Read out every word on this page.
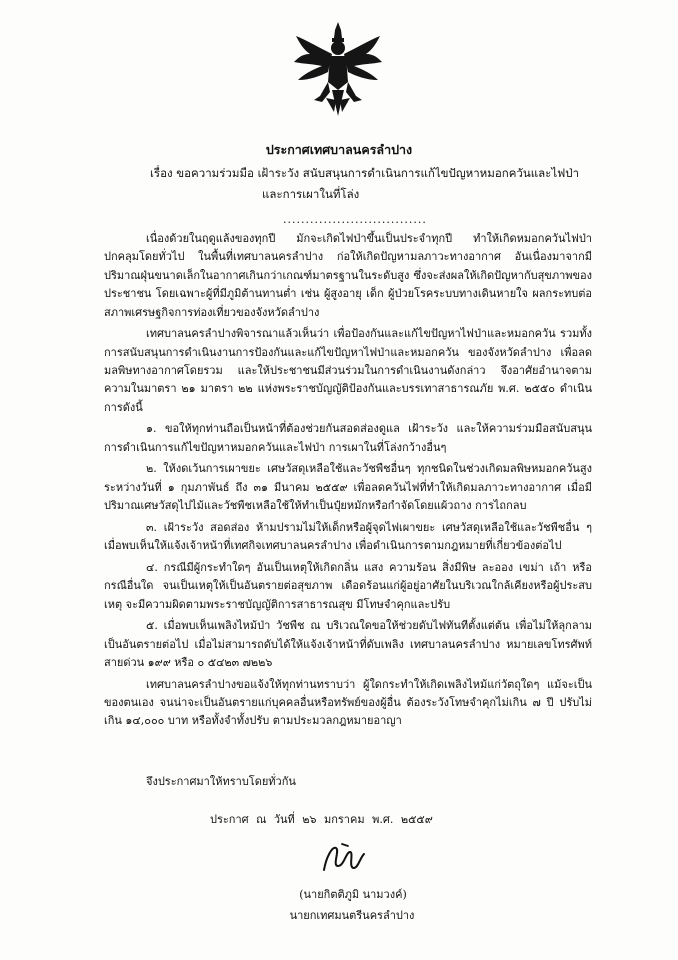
ประกาศเทศบาลนครลำปาง
เรื่อง ขอความร่วมมือ เฝ้าระวัง สนับสนุนการดำเนินการแก้ไขปัญหาหมอกควันและไฟป่า
และการเผาในที่โล่ง
................................

เนื่องด้วยในฤดูแล้งของทุกปี มักจะเกิดไฟป่าขึ้นเป็นประจำทุกปี ทำให้เกิดหมอกควันไฟป่าปกคลุมโดยทั่วไป ในพื้นที่เทศบาลนครลำปาง ก่อให้เกิดปัญหามลภาวะทางอากาศ อันเนื่องมาจากมีปริมาณฝุ่นขนาดเล็กในอากาศเกินกว่าเกณฑ์มาตรฐานในระดับสูง ซึ่งจะส่งผลให้เกิดปัญหากับสุขภาพของประชาชน โดยเฉพาะผู้ที่มีภูมิต้านทานต่ำ เช่น ผู้สูงอายุ เด็ก ผู้ป่วยโรคระบบทางเดินหายใจ ผลกระทบต่อสภาพเศรษฐกิจการท่องเที่ยวของจังหวัดลำปาง

เทศบาลนครลำปางพิจารณาแล้วเห็นว่า เพื่อป้องกันและแก้ไขปัญหาไฟป่าและหมอกควัน รวมทั้งการสนับสนุนการดำเนินงานการป้องกันและแก้ไขปัญหาไฟป่าและหมอกควัน ของจังหวัดลำปาง เพื่อลดมลพิษทางอากาศโดยรวม และให้ประชาชนมีส่วนร่วมในการดำเนินงานดังกล่าว จึงอาศัยอำนาจตามความในมาตรา ๒๑ มาตรา ๒๒ แห่งพระราชบัญญัติป้องกันและบรรเทาสาธารณภัย พ.ศ. ๒๕๕๐ ดำเนินการดังนี้

๑. ขอให้ทุกท่านถือเป็นหน้าที่ต้องช่วยกันสอดส่องดูแล เฝ้าระวัง และให้ความร่วมมือสนับสนุนการดำเนินการแก้ไขปัญหาหมอกควันและไฟป่า การเผาในที่โล่งกว้างอื่นๆ

๒. ให้งดเว้นการเผาขยะ เศษวัสดุเหลือใช้และวัชพืชอื่นๆ ทุกชนิดในช่วงเกิดมลพิษหมอกควันสูง ระหว่างวันที่ ๑ กุมภาพันธ์ ถึง ๓๑ มีนาคม ๒๕๕๙ เพื่อลดควันไฟที่ทำให้เกิดมลภาวะทางอากาศ เมื่อมีปริมาณเศษวัสดุไปไม้และวัชพืชเหลือใช้ให้ทำเป็นปุ๋ยหมักหรือกำจัดโดยแผ้วถาง การไถกลบ

๓. เฝ้าระวัง สอดส่อง ห้ามปรามไม่ให้เด็กหรือผู้จุดไฟเผาขยะ เศษวัสดุเหลือใช้และวัชพืชอื่น ๆ เมื่อพบเห็นให้แจ้งเจ้าหน้าที่เทศกิจเทศบาลนครลำปาง เพื่อดำเนินการตามกฎหมายที่เกี่ยวข้องต่อไป

๔. กรณีมีผู้กระทำใดๆ อันเป็นเหตุให้เกิดกลิ่น แสง ความร้อน สิ่งมีพิษ ละออง เขม่า เถ้า หรือกรณีอื่นใด จนเป็นเหตุให้เป็นอันตรายต่อสุขภาพ เดือดร้อนแก่ผู้อยู่อาศัยในบริเวณใกล้เคียงหรือผู้ประสบเหตุ จะมีความผิดตามพระราชบัญญัติการสาธารณสุข มีโทษจำคุกและปรับ

๕. เมื่อพบเห็นเพลิงไหม้ป่า วัชพืช ณ บริเวณใดขอให้ช่วยดับไฟทันทีตั้งแต่ต้น เพื่อไม่ให้ลุกลามเป็นอันตรายต่อไป เมื่อไม่สามารถดับได้ให้แจ้งเจ้าหน้าที่ดับเพลิง เทศบาลนครลำปาง หมายเลขโทรศัพท์สายด่วน ๑๙๙ หรือ ๐ ๕๔๒๓ ๗๒๒๖

เทศบาลนครลำปางขอแจ้งให้ทุกท่านทราบว่า ผู้ใดกระทำให้เกิดเพลิงไหม้แก่วัตถุใดๆ แม้จะเป็นของตนเอง จนน่าจะเป็นอันตรายแก่บุคคลอื่นหรือทรัพย์ของผู้อื่น ต้องระวังโทษจำคุกไม่เกิน ๗ ปี ปรับไม่เกิน ๑๔,๐๐๐ บาท หรือทั้งจำทั้งปรับ ตามประมวลกฎหมายอาญา

จึงประกาศมาให้ทราบโดยทั่วกัน
ประกาศ ณ วันที่ ๒๖ มกราคม พ.ศ. ๒๕๕๙
(นายกิตติภูมิ นามวงค์)
นายกเทศมนตรีนครลำปาง
